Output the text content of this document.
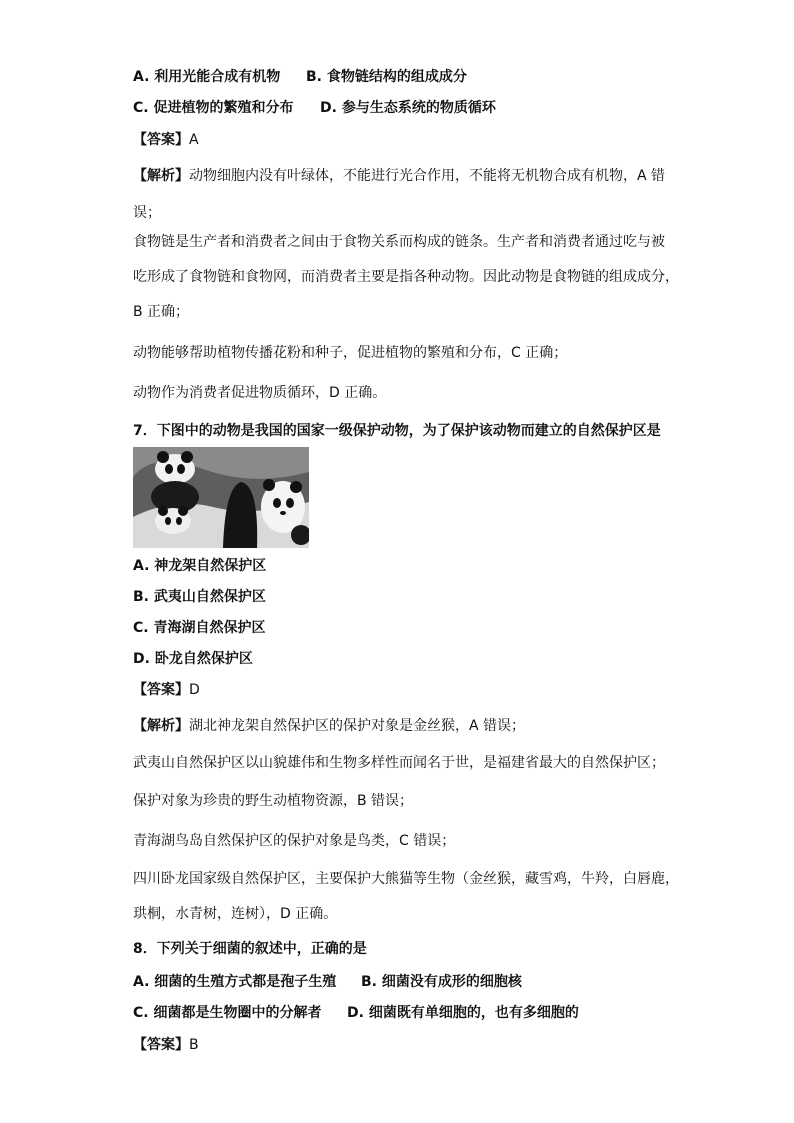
A. 利用光能合成有机物 B. 食物链结构的组成成分
C. 促进植物的繁殖和分布 D. 参与生态系统的物质循环
【答案】A
【解析】动物细胞内没有叶绿体，不能进行光合作用，不能将无机物合成有机物，A 错
误；
食物链是生产者和消费者之间由于食物关系而构成的链条。生产者和消费者通过吃与被
吃形成了食物链和食物网，而消费者主要是指各种动物。因此动物是食物链的组成成分，
B 正确；
动物能够帮助植物传播花粉和种子，促进植物的繁殖和分布，C 正确；
动物作为消费者促进物质循环，D 正确。
7．下图中的动物是我国的国家一级保护动物，为了保护该动物而建立的自然保护区是
A. 神龙架自然保护区
B. 武夷山自然保护区
C. 青海湖自然保护区
D. 卧龙自然保护区
【答案】D
【解析】湖北神龙架自然保护区的保护对象是金丝猴，A 错误；
武夷山自然保护区以山貌雄伟和生物多样性而闻名于世，是福建省最大的自然保护区；
保护对象为珍贵的野生动植物资源，B 错误；
青海湖鸟岛自然保护区的保护对象是鸟类，C 错误；
四川卧龙国家级自然保护区，主要保护大熊猫等生物（金丝猴，藏雪鸡，牛羚，白唇鹿，
珙桐，水青树，连树），D 正确。
8．下列关于细菌的叙述中，正确的是
A. 细菌的生殖方式都是孢子生殖 B. 细菌没有成形的细胞核
C. 细菌都是生物圈中的分解者 D. 细菌既有单细胞的，也有多细胞的
【答案】B
